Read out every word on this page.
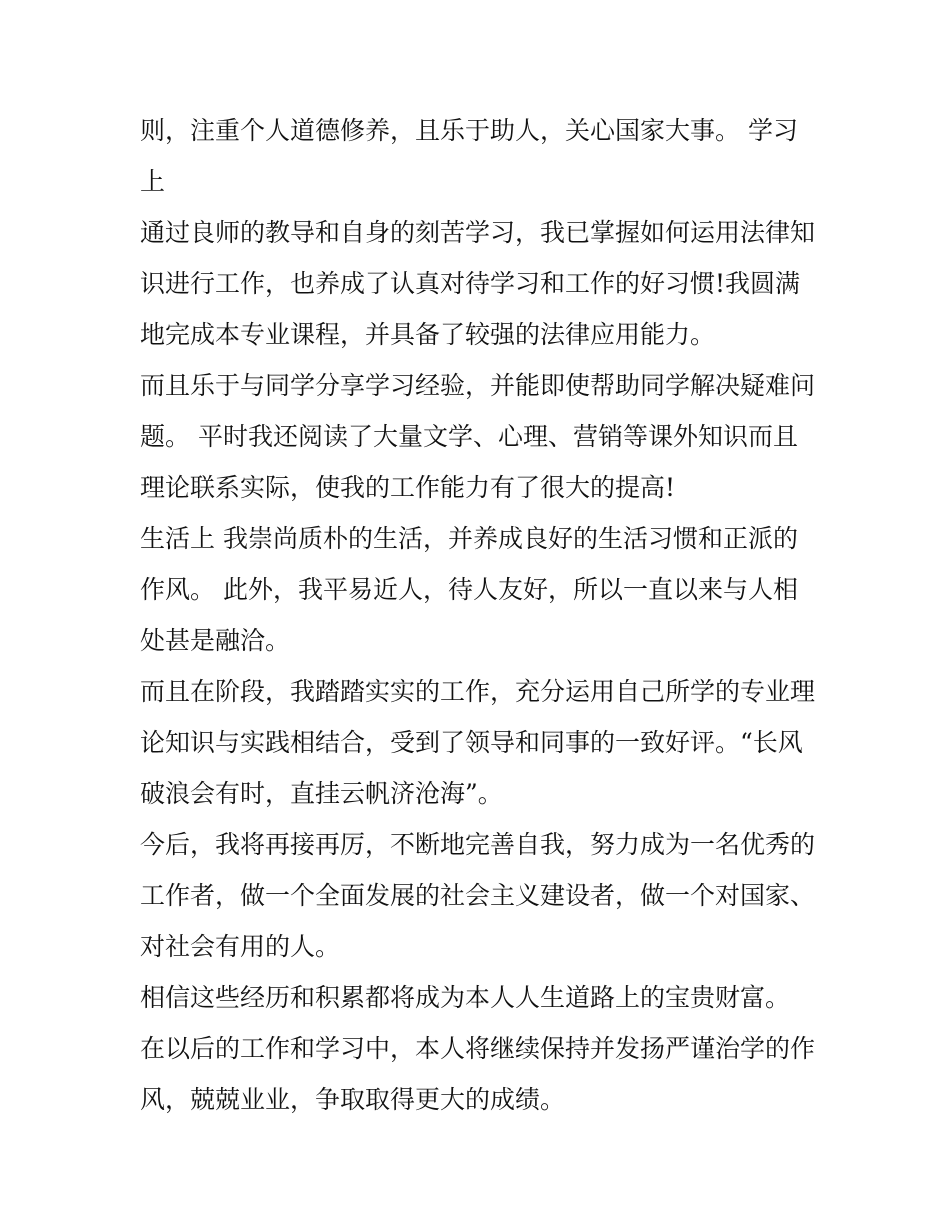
则，注重个人道德修养，且乐于助人，关心国家大事。 学习
上
通过良师的教导和自身的刻苦学习，我已掌握如何运用法律知
识进行工作，也养成了认真对待学习和工作的好习惯!我圆满
地完成本专业课程，并具备了较强的法律应用能力。
而且乐于与同学分享学习经验，并能即使帮助同学解决疑难问
题。 平时我还阅读了大量文学、心理、营销等课外知识而且
理论联系实际，使我的工作能力有了很大的提高!
生活上 我崇尚质朴的生活，并养成良好的生活习惯和正派的
作风。 此外，我平易近人，待人友好，所以一直以来与人相
处甚是融洽。
而且在阶段，我踏踏实实的工作，充分运用自己所学的专业理
论知识与实践相结合，受到了领导和同事的一致好评。“长风
破浪会有时，直挂云帆济沧海”。
今后，我将再接再厉，不断地完善自我，努力成为一名优秀的
工作者，做一个全面发展的社会主义建设者，做一个对国家、
对社会有用的人。
相信这些经历和积累都将成为本人人生道路上的宝贵财富。
在以后的工作和学习中，本人将继续保持并发扬严谨治学的作
风，兢兢业业，争取取得更大的成绩。
